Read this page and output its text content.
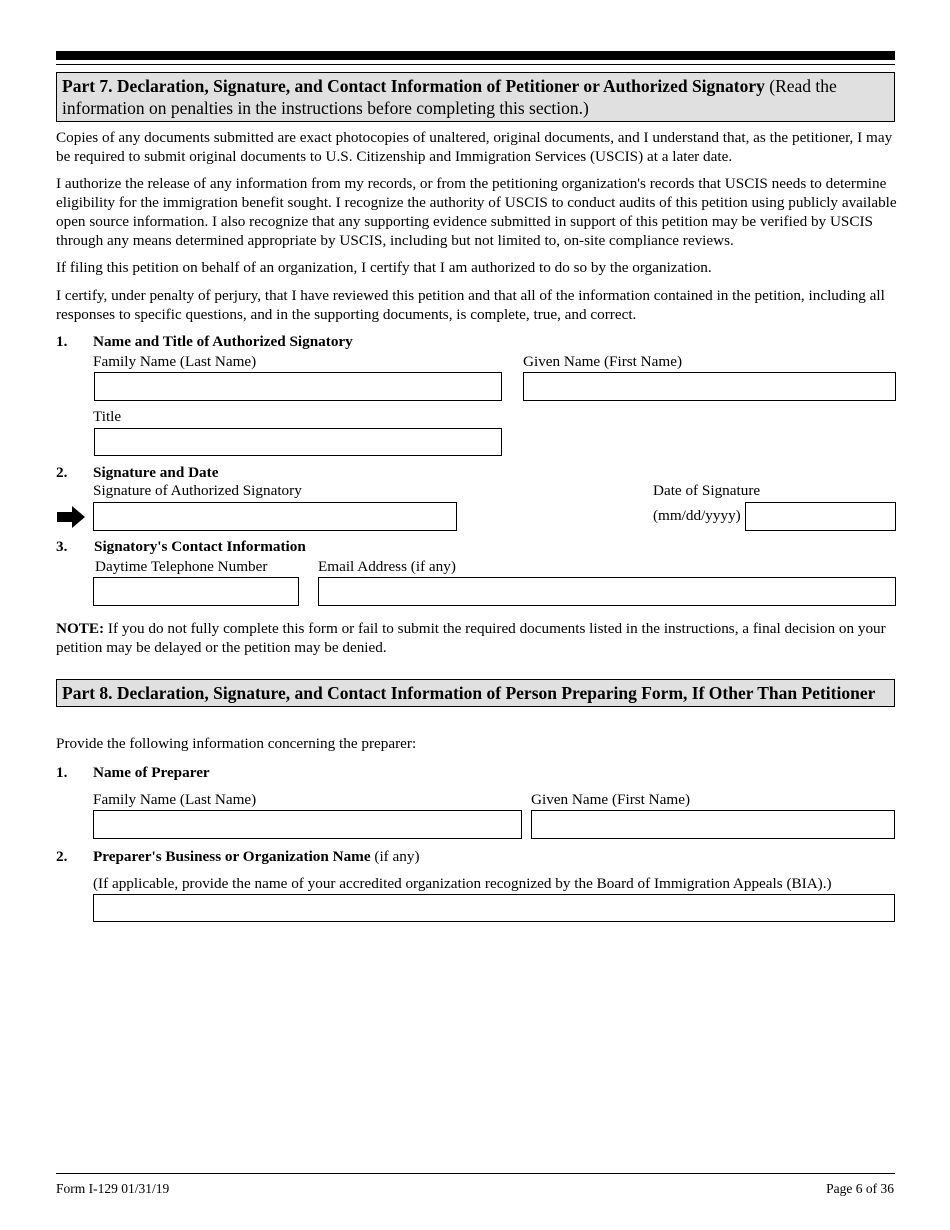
Part 7. Declaration, Signature, and Contact Information of Petitioner or Authorized Signatory (Read the information on penalties in the instructions before completing this section.)

Copies of any documents submitted are exact photocopies of unaltered, original documents, and I understand that, as the petitioner, I may be required to submit original documents to U.S. Citizenship and Immigration Services (USCIS) at a later date.

I authorize the release of any information from my records, or from the petitioning organization's records that USCIS needs to determine eligibility for the immigration benefit sought. I recognize the authority of USCIS to conduct audits of this petition using publicly available open source information. I also recognize that any supporting evidence submitted in support of this petition may be verified by USCIS through any means determined appropriate by USCIS, including but not limited to, on-site compliance reviews.

If filing this petition on behalf of an organization, I certify that I am authorized to do so by the organization.

I certify, under penalty of perjury, that I have reviewed this petition and that all of the information contained in the petition, including all responses to specific questions, and in the supporting documents, is complete, true, and correct.

1. Name and Title of Authorized Signatory
Family Name (Last Name)	Given Name (First Name)
Title
2. Signature and Date
Signature of Authorized Signatory	Date of Signature
(mm/dd/yyyy)
3. Signatory's Contact Information
Daytime Telephone Number	Email Address (if any)

NOTE: If you do not fully complete this form or fail to submit the required documents listed in the instructions, a final decision on your petition may be delayed or the petition may be denied.

Part 8. Declaration, Signature, and Contact Information of Person Preparing Form, If Other Than Petitioner
Provide the following information concerning the preparer:
1. Name of Preparer
Family Name (Last Name)	Given Name (First Name)
2. Preparer's Business or Organization Name (if any)
(If applicable, provide the name of your accredited organization recognized by the Board of Immigration Appeals (BIA).)
Form I-129 01/31/19	Page 6 of 36
